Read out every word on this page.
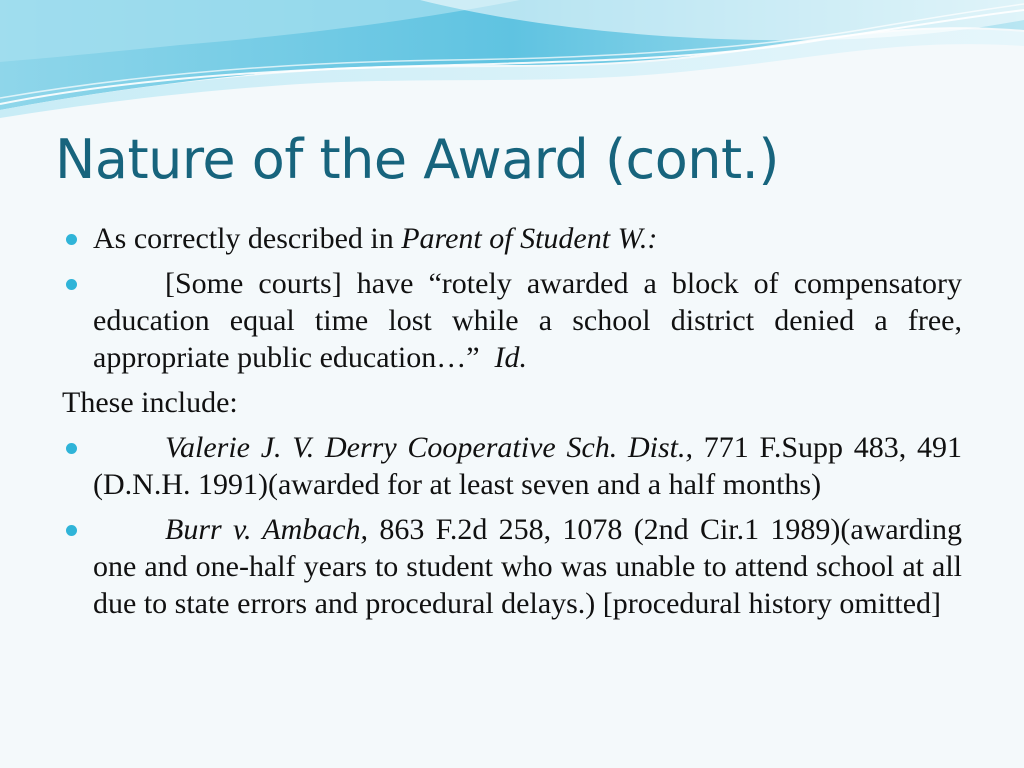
Nature of the Award (cont.)
As correctly described in Parent of Student W.:
[Some courts] have “rotely awarded a block of compensatory education equal time lost while a school district denied a free, appropriate public education…” Id.
These include:
Valerie J. V. Derry Cooperative Sch. Dist., 771 F.Supp 483, 491 (D.N.H. 1991)(awarded for at least seven and a half months)
Burr v. Ambach, 863 F.2d 258, 1078 (2nd Cir.1 1989)(awarding one and one-half years to student who was unable to attend school at all due to state errors and procedural delays.) [procedural history omitted]
